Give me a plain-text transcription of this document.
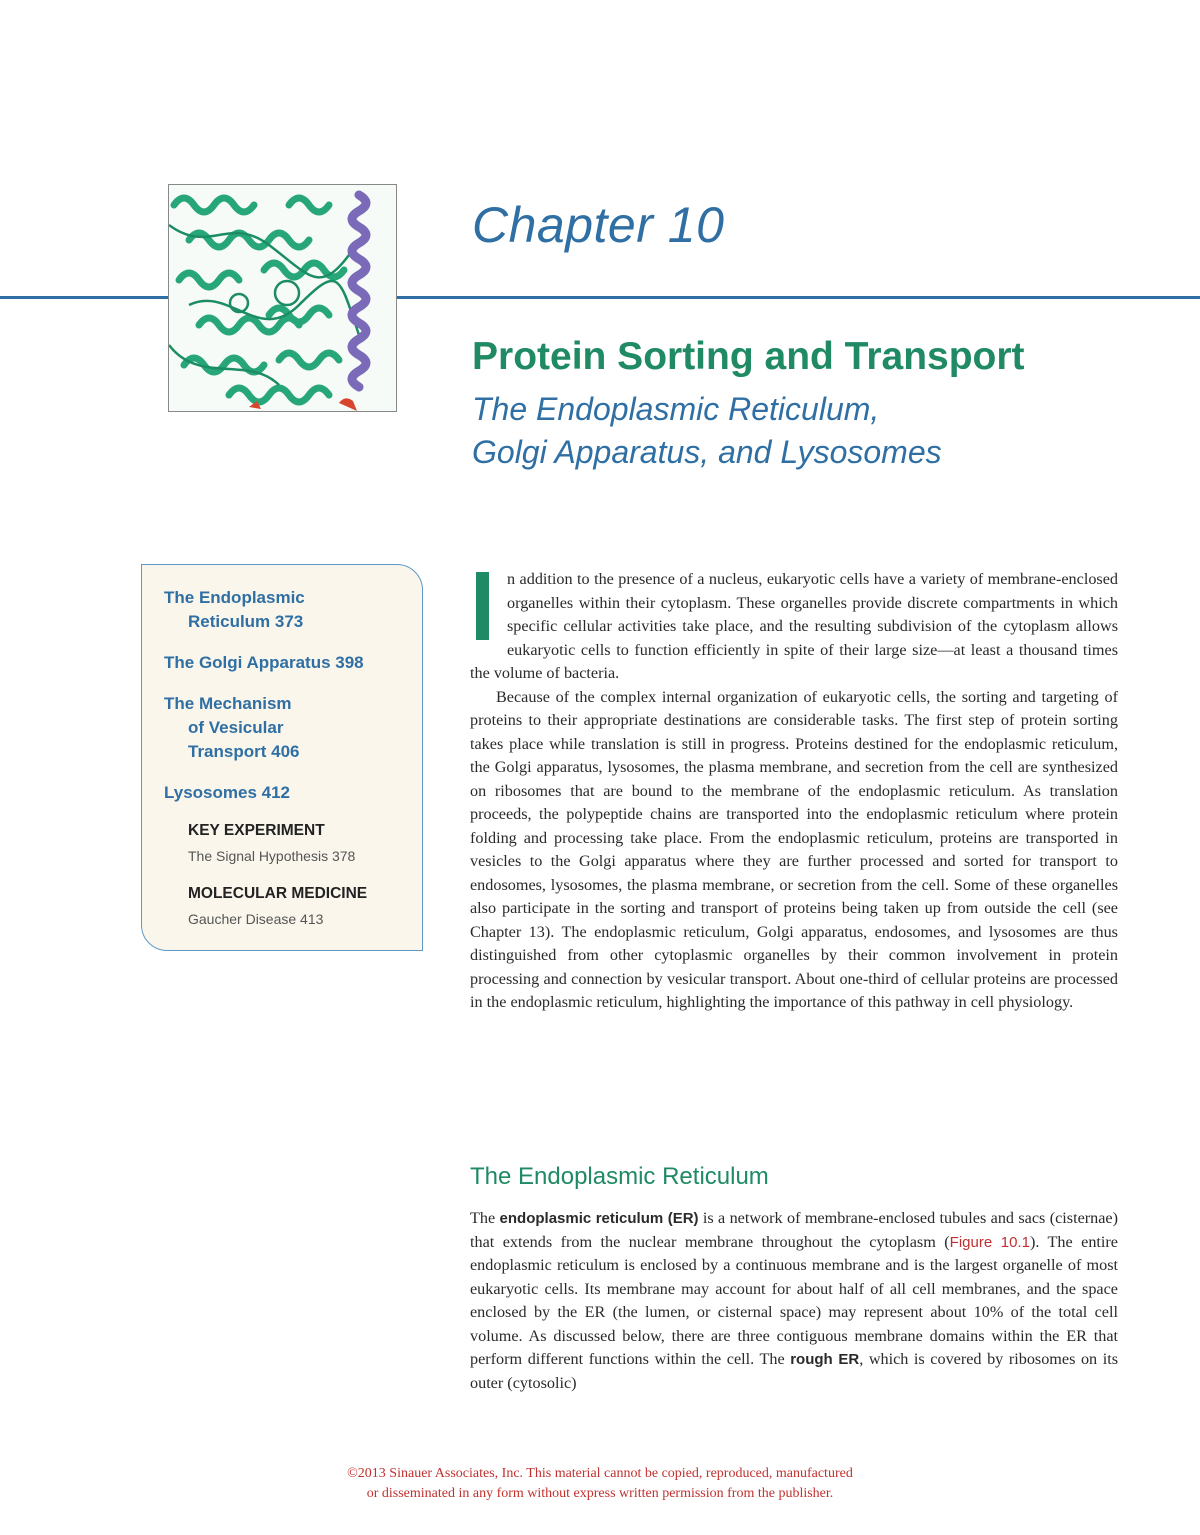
Chapter 10
Protein Sorting and Transport
The Endoplasmic Reticulum,
Golgi Apparatus, and Lysosomes
The Endoplasmic
Reticulum 373
The Golgi Apparatus 398
The Mechanism
of Vesicular
Transport 406
Lysosomes 412
KEY EXPERIMENT
The Signal Hypothesis 378
MOLECULAR MEDICINE
Gaucher Disease 413

n addition to the presence of a nucleus, eukaryotic cells have a variety of membrane-enclosed organelles within their cytoplasm. These organelles provide discrete compartments in which specific cellular activities take place, and the resulting subdivision of the cytoplasm allows eukaryotic cells to function efficiently in spite of their large size—at least a thousand times the volume of bacteria.

Because of the complex internal organization of eukaryotic cells, the sorting and targeting of proteins to their appropriate destinations are considerable tasks. The first step of protein sorting takes place while translation is still in progress. Proteins destined for the endoplasmic reticulum, the Golgi apparatus, lysosomes, the plasma membrane, and secretion from the cell are synthesized on ribosomes that are bound to the membrane of the endoplasmic reticulum. As translation proceeds, the polypeptide chains are transported into the endoplasmic reticulum where protein folding and processing take place. From the endoplasmic reticulum, proteins are transported in vesicles to the Golgi apparatus where they are further processed and sorted for transport to endosomes, lysosomes, the plasma membrane, or secretion from the cell. Some of these organelles also participate in the sorting and transport of proteins being taken up from outside the cell (see Chapter 13). The endoplasmic reticulum, Golgi apparatus, endosomes, and lysosomes are thus distinguished from other cytoplasmic organelles by their common involvement in protein processing and connection by vesicular transport. About one-third of cellular proteins are processed in the endoplasmic reticulum, highlighting the importance of this pathway in cell physiology.

The Endoplasmic Reticulum

The endoplasmic reticulum (ER) is a network of membrane-enclosed tubules and sacs (cisternae) that extends from the nuclear membrane throughout the cytoplasm (Figure 10.1). The entire endoplasmic reticulum is enclosed by a continuous membrane and is the largest organelle of most eukaryotic cells. Its membrane may account for about half of all cell membranes, and the space enclosed by the ER (the lumen, or cisternal space) may represent about 10% of the total cell volume. As discussed below, there are three contiguous membrane domains within the ER that perform different functions within the cell. The rough ER, which is covered by ribosomes on its outer (cytosolic)

©2013 Sinauer Associates, Inc. This material cannot be copied, reproduced, manufactured
or disseminated in any form without express written permission from the publisher.
